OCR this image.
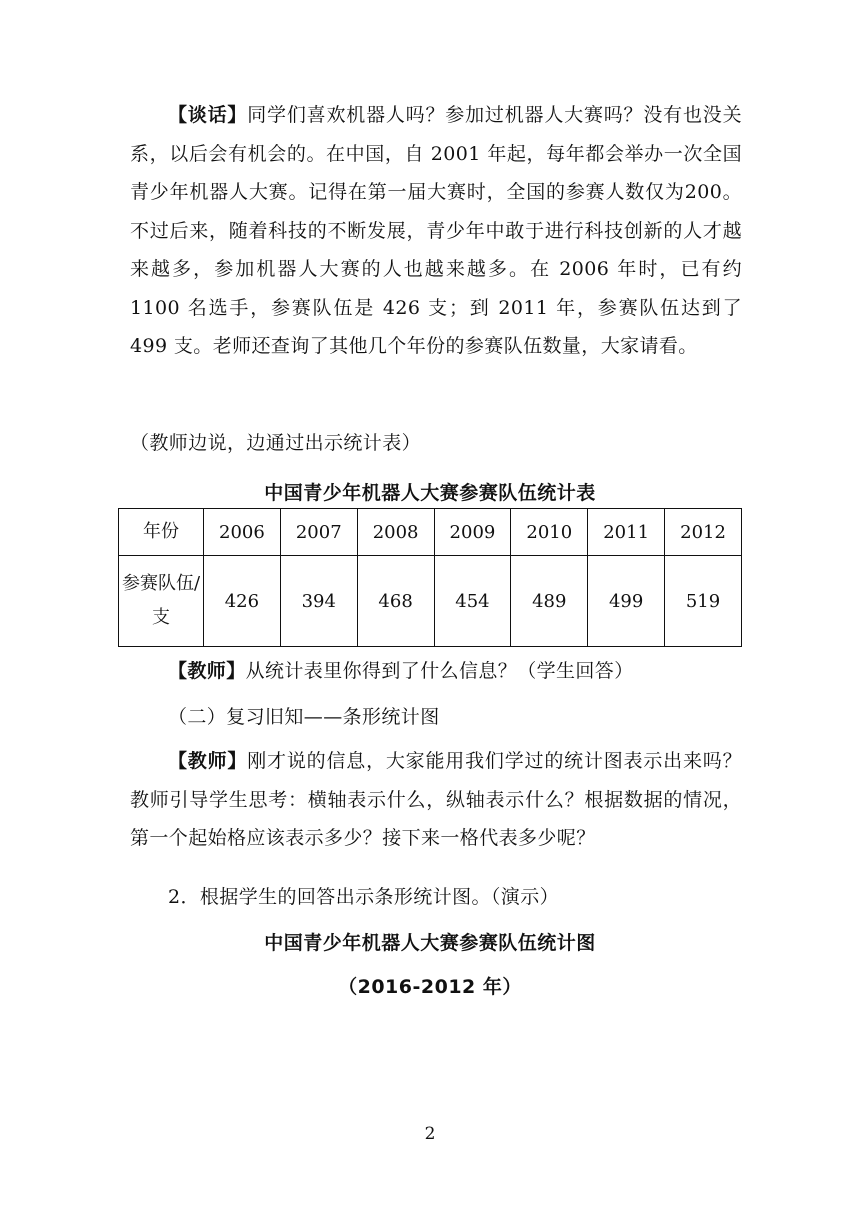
【谈话】同学们喜欢机器人吗？参加过机器人大赛吗？没有也没关系，以后会有机会的。在中国，自 2001 年起，每年都会举办一次全国青少年机器人大赛。记得在第一届大赛时，全国的参赛人数仅为200。不过后来，随着科技的不断发展，青少年中敢于进行科技创新的人才越来越多，参加机器人大赛的人也越来越多。在 2006 年时，已有约 1100 名选手，参赛队伍是 426 支；到 2011 年，参赛队伍达到了 499 支。老师还查询了其他几个年份的参赛队伍数量，大家请看。

（教师边说，边通过出示统计表）
中国青少年机器人大赛参赛队伍统计表
年份	2006	2007	2008	2009	2010	2011	2012
参赛队伍/支	426	394	468	454	489	499	519
【教师】从统计表里你得到了什么信息？（学生回答）
（二）复习旧知——条形统计图

【教师】刚才说的信息，大家能用我们学过的统计图表示出来吗？教师引导学生思考：横轴表示什么，纵轴表示什么？根据数据的情况，第一个起始格应该表示多少？接下来一格代表多少呢？

2．根据学生的回答出示条形统计图。（演示）
中国青少年机器人大赛参赛队伍统计图
（2016-2012 年）
2
